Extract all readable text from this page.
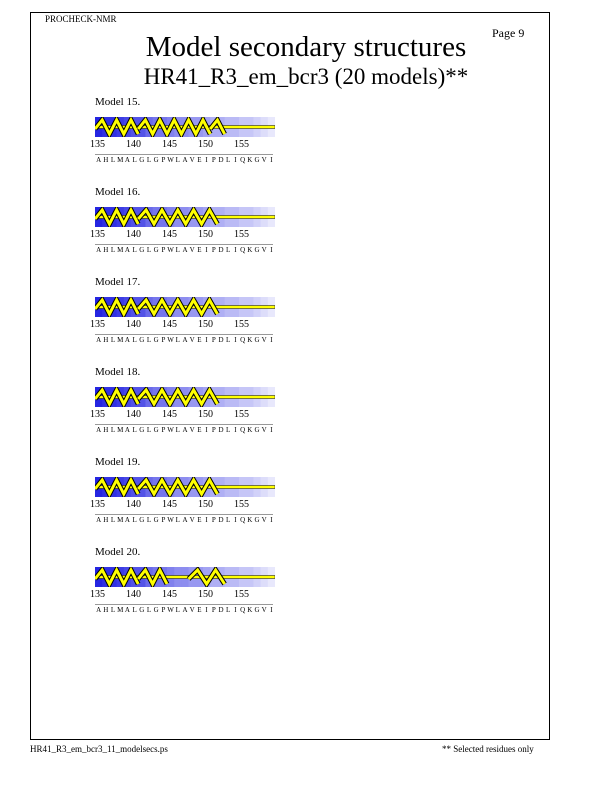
PROCHECK-NMR
Page 9
Model secondary structures
HR41_R3_em_bcr3 (20 models)**
Model 15.
135 140 145 150 155
A H L M A L G L G P W L A V E I P D L I Q K G V I
Model 16.
135 140 145 150 155
A H L M A L G L G P W L A V E I P D L I Q K G V I
Model 17.
135 140 145 150 155
A H L M A L G L G P W L A V E I P D L I Q K G V I
Model 18.
135 140 145 150 155
A H L M A L G L G P W L A V E I P D L I Q K G V I
Model 19.
135 140 145 150 155
A H L M A L G L G P W L A V E I P D L I Q K G V I
Model 20.
135 140 145 150 155
A H L M A L G L G P W L A V E I P D L I Q K G V I
HR41_R3_em_bcr3_11_modelsecs.ps	** Selected residues only
